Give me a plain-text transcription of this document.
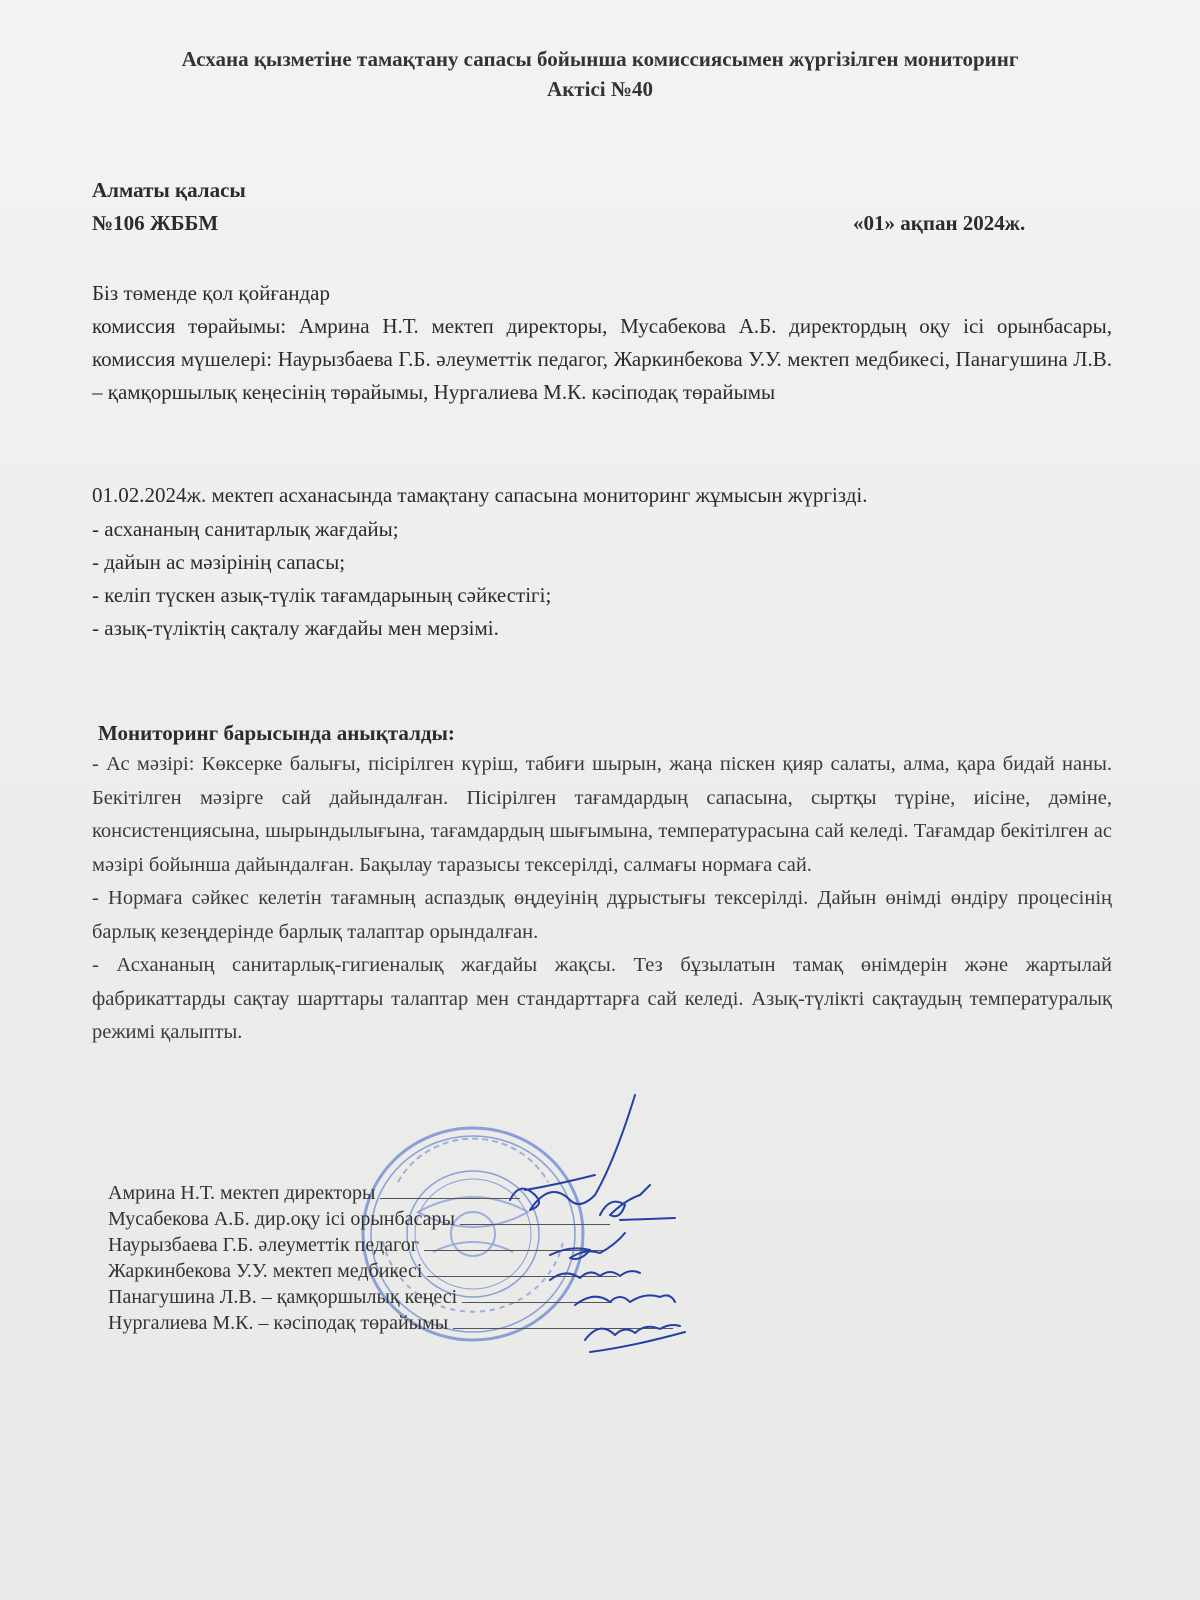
Асхана қызметіне тамақтану сапасы бойынша комиссиясымен жүргізілген мониторинг
Актісі №40
Алматы қаласы
№106 ЖББМ	«01» ақпан 2024ж.
Біз төменде қол қойғандар
комиссия төрайымы: Амрина Н.Т. мектеп директоры, Мусабекова А.Б. директордың оқу ісі орынбасары, комиссия мүшелері: Наурызбаева Г.Б. әлеуметтік педагог, Жаркинбекова У.У. мектеп медбикесі, Панагушина Л.В. – қамқоршылық кеңесінің төрайымы, Нургалиева М.К. кәсіподақ төрайымы
01.02.2024ж. мектеп асханасында тамақтану сапасына мониторинг жұмысын жүргізді.
- асхананың санитарлық жағдайы;
- дайын ас мәзірінің сапасы;
- келіп түскен азық-түлік тағамдарының сәйкестігі;
- азық-түліктің сақталу жағдайы мен мерзімі.
Мониторинг барысында анықталды:
- Ас мәзірі: Көксерке балығы, пісірілген күріш, табиғи шырын, жаңа піскен қияр салаты, алма, қара бидай наны. Бекітілген мәзірге сай дайындалған. Пісірілген тағамдардың сапасына, сыртқы түріне, иісіне, дәміне, консистенциясына, шырындылығына, тағамдардың шығымына, температурасына сай келеді. Тағамдар бекітілген ас мәзірі бойынша дайындалған. Бақылау таразысы тексерілді, салмағы нормаға сай.
- Нормаға сәйкес келетін тағамның аспаздық өңдеуінің дұрыстығы тексерілді. Дайын өнімді өндіру процесінің барлық кезеңдерінде барлық талаптар орындалған.
- Асхананың санитарлық-гигиеналық жағдайы жақсы. Тез бұзылатын тамақ өнімдерін және жартылай фабрикаттарды сақтау шарттары талаптар мен стандарттарға сай келеді. Азық-түлікті сақтаудың температуралық режимі қалыпты.
Амрина Н.Т. мектеп директоры
Мусабекова А.Б. дир.оқу ісі орынбасары
Наурызбаева Г.Б. әлеуметтік педагог
Жаркинбекова У.У. мектеп медбикесі
Панагушина Л.В. – қамқоршылық кеңесі
Нургалиева М.К. – кәсіподақ төрайымы
